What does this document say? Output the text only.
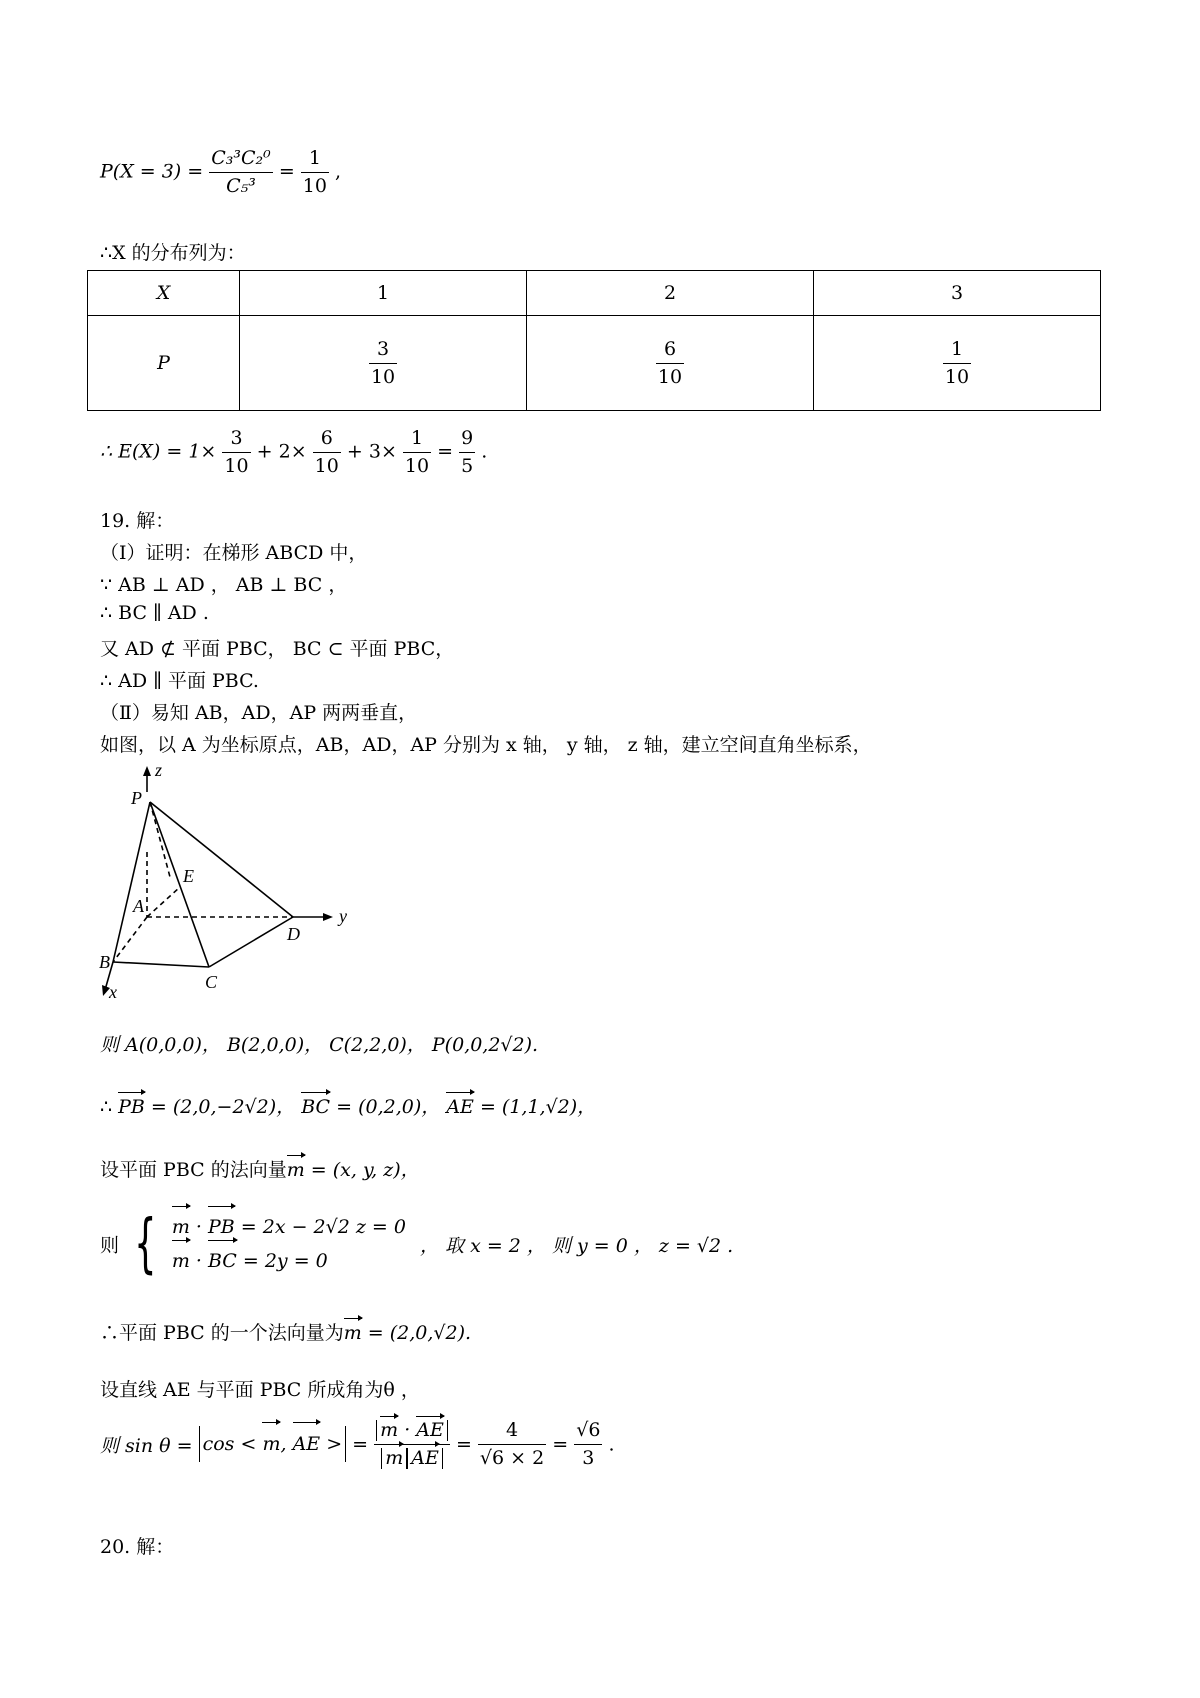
$P(X = 3) = \frac{\text{C₃³C₂⁰}}{\text{C₅³}} = \frac{1}{10}$ ,
∴X 的分布列为：
X	1	2	3
P	$\frac{3}{10}$	$\frac{6}{10}$	$\frac{1}{10}$
∴ $E(X) = 1\times \frac{3}{10} + 2\times \frac{6}{10} + 3\times \frac{1}{10} = \frac{9}{5}$ .
19. 解：
（Ⅰ）证明：在梯形 ABCD 中，
∵ AB ⊥ AD ， AB ⊥ BC ，
∴ BC ∥ AD .
又 AD ⊄ 平面 PBC， BC ⊂ 平面 PBC，
∴ AD ∥ 平面 PBC.
（Ⅱ）易知 AB，AD，AP 两两垂直，
如图，以 A 为坐标原点，AB，AD，AP 分别为 x 轴， y 轴， z 轴，建立空间直角坐标系，
z
y
x
P
E
A
D
B
C
则 A(0,0,0)， B(2,0,0)， C(2,2,0)， P(0,0,2√2).
∴ PB = (2,0,−2√2)， BC = (0,2,0)， AE = (1,1,√2)，
设平面 PBC 的法向量m = (x, y, z)，
则 { m · PB = 2x − 2√2 z = 0
m · BC = 2y = 0
， 取 x = 2 ， 则 y = 0 ， z = √2 .
∴平面 PBC 的一个法向量为m = (2,0,√2).
设直线 AE 与平面 PBC 所成角为θ ，
则 sin θ = cos < m, AE > = $\frac{m \cdot AE}{\text{m AE}} = \frac{4}{√6 \times 2} = \frac{√6}{3}$ .
20. 解：
